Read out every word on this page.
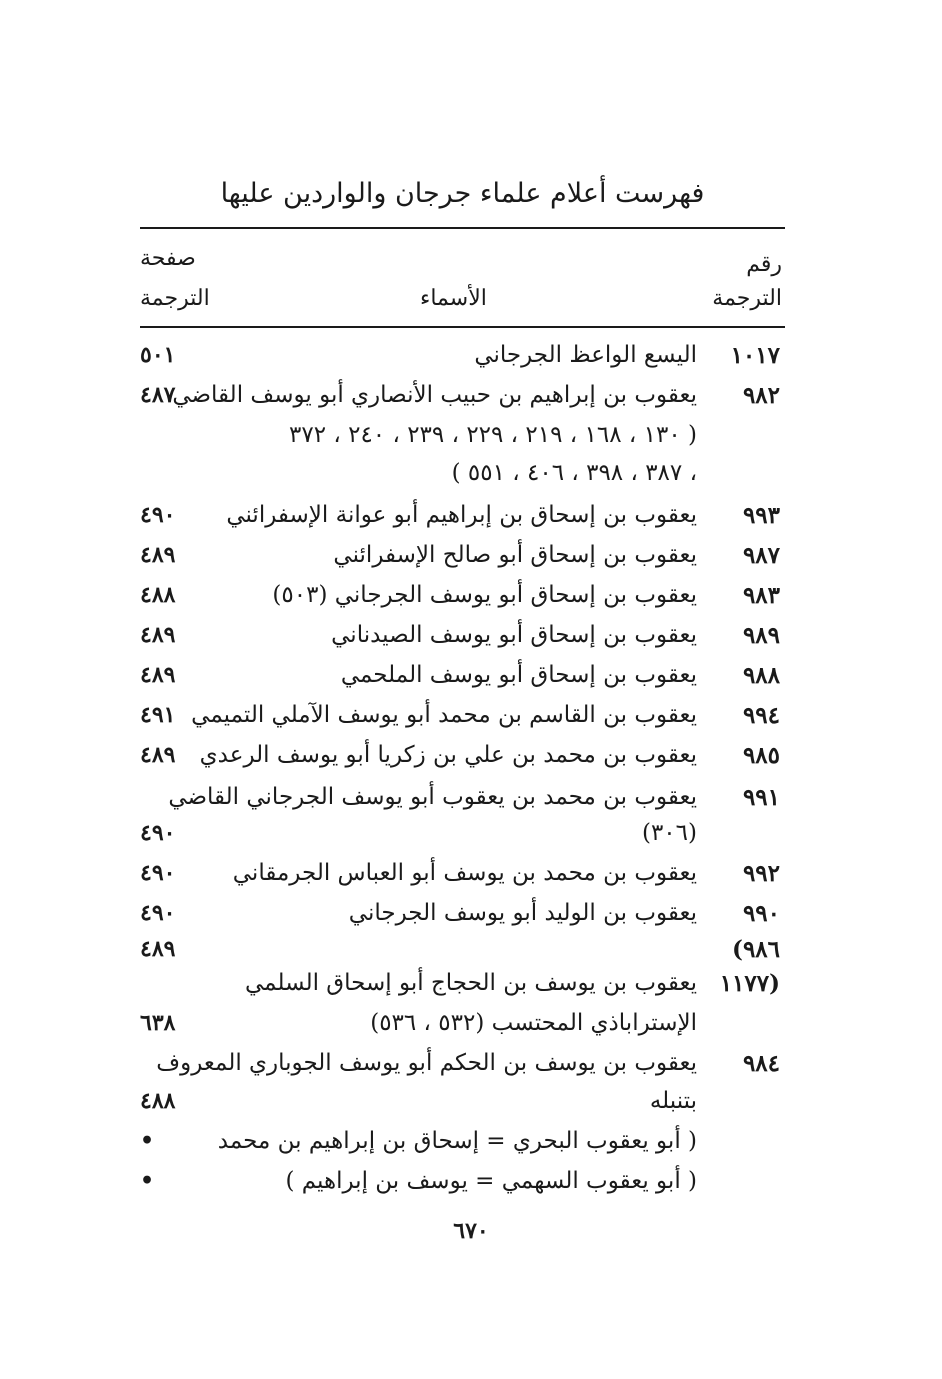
فهرست أعلام علماء جرجان والواردين عليها
رقم
الترجمة
الأسماء
صفحة
الترجمة
١٠١٧
اليسع الواعظ الجرجاني
٥٠١
٩٨٢
يعقوب بن إبراهيم بن حبيب الأنصاري أبو يوسف القاضي
٤٨٧
( ١٣٠ ، ١٦٨ ، ٢١٩ ، ٢٢٩ ، ٢٣٩ ، ٢٤٠ ، ٣٧٢
، ٣٨٧ ، ٣٩٨ ، ٤٠٦ ، ٥٥١ )
٩٩٣
يعقوب بن إسحاق بن إبراهيم أبو عوانة الإسفرائني
٤٩٠
٩٨٧
يعقوب بن إسحاق أبو صالح الإسفرائني
٤٨٩
٩٨٣
يعقوب بن إسحاق أبو يوسف الجرجاني (٥٠٣)
٤٨٨
٩٨٩
يعقوب بن إسحاق أبو يوسف الصيدناني
٤٨٩
٩٨٨
يعقوب بن إسحاق أبو يوسف الملحمي
٤٨٩
٩٩٤
يعقوب بن القاسم بن محمد أبو يوسف الآملي التميمي
٤٩١
٩٨٥
يعقوب بن محمد بن علي بن زكريا أبو يوسف الرعدي
٤٨٩
٩٩١
يعقوب بن محمد بن يعقوب أبو يوسف الجرجاني القاضي
(٣٠٦)
٤٩٠
٩٩٢
يعقوب بن محمد بن يوسف أبو العباس الجرمقاني
٤٩٠
٩٩٠
يعقوب بن الوليد أبو يوسف الجرجاني
٤٩٠
٩٨٦)
٤٨٩
(١١٧٧
يعقوب بن يوسف بن الحجاج أبو إسحاق السلمي
الإستراباذي المحتسب (٥٣٢ ، ٥٣٦)
٦٣٨
٩٨٤
يعقوب بن يوسف بن الحكم أبو يوسف الجوباري المعروف
بتنبله
٤٨٨
( أبو يعقوب البحري = إسحاق بن إبراهيم بن محمد
•
( أبو يعقوب السهمي = يوسف بن إبراهيم )
•
٦٧٠
